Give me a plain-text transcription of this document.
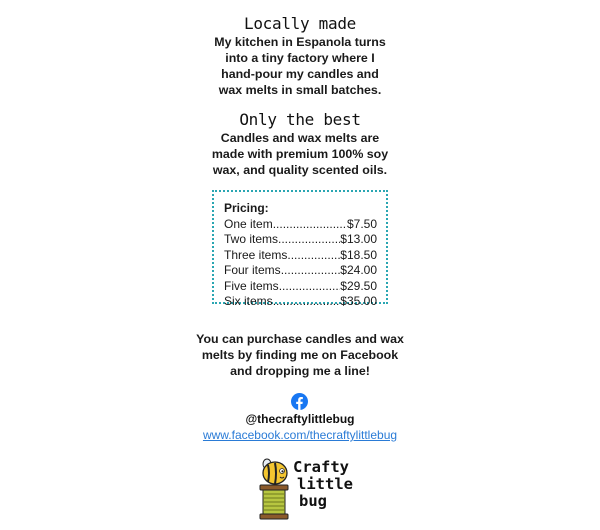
Locally made
My kitchen in Espanola turns
into a tiny factory where I
hand-pour my candles and
wax melts in small batches.
Only the best
Candles and wax melts are
made with premium 100% soy
wax, and quality scented oils.
Pricing:
One item .....	$7.50
Two items .....	$13.00
Three items .....	$18.50
Four items .....	$24.00
Five items .....	$29.50
Six items .....	$35.00
You can purchase candles and wax
melts by finding me on Facebook
and dropping me a line!
@thecraftylittlebug
www.facebook.com/thecraftylittlebug
Crafty
little
bug
